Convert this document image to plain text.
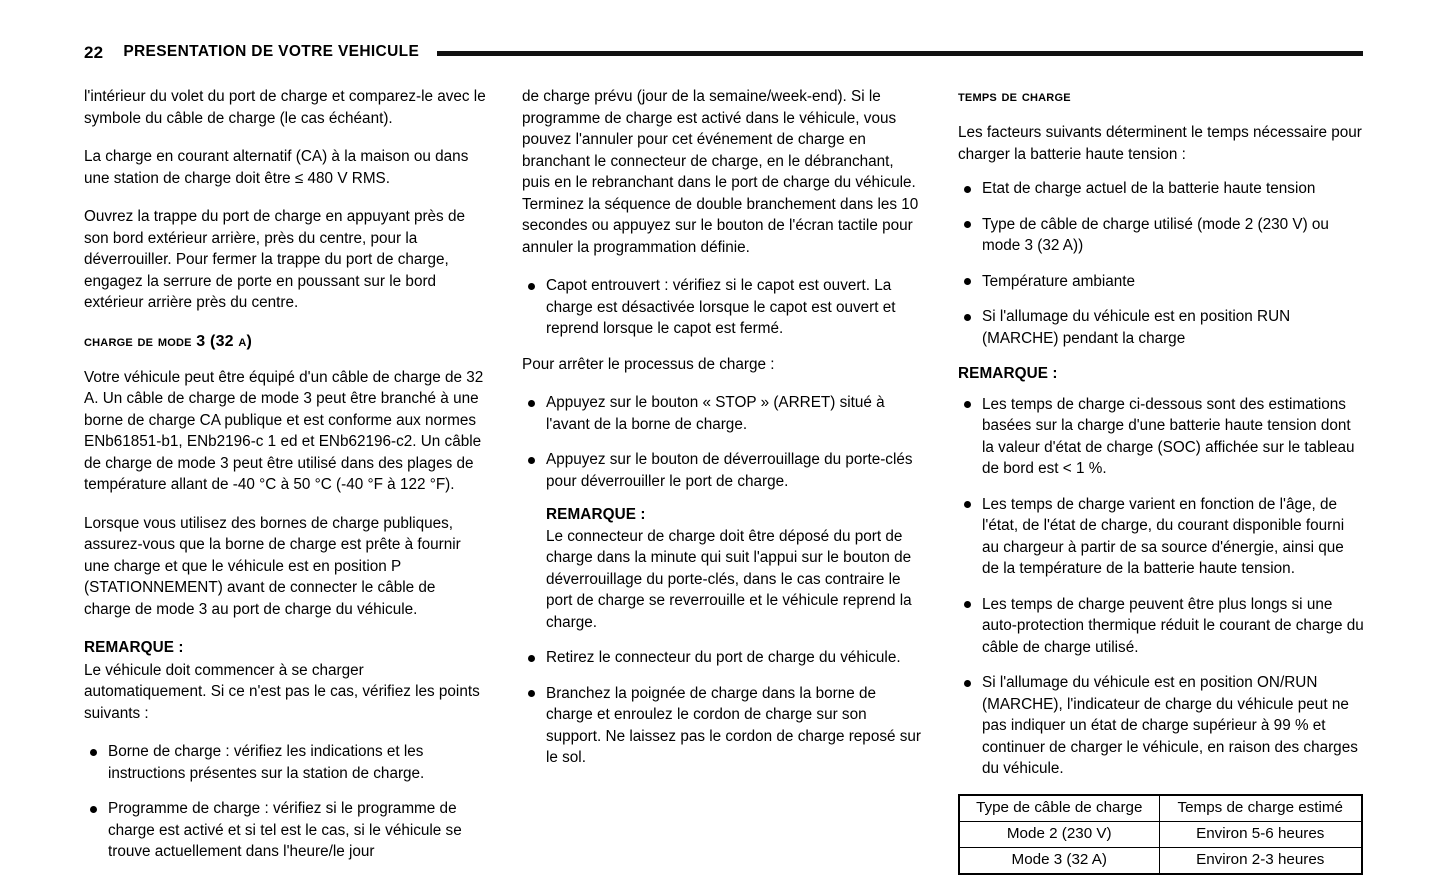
22 PRESENTATION DE VOTRE VEHICULE

l'intérieur du volet du port de charge et comparez-le avec le symbole du câble de charge (le cas échéant).

La charge en courant alternatif (CA) à la maison ou dans une station de charge doit être ≤ 480 V RMS.

Ouvrez la trappe du port de charge en appuyant près de son bord extérieur arrière, près du centre, pour la déverrouiller. Pour fermer la trappe du port de charge, engagez la serrure de porte en poussant sur le bord extérieur arrière près du centre.

charge de mode 3 (32 a)

Votre véhicule peut être équipé d'un câble de charge de 32 A. Un câble de charge de mode 3 peut être branché à une borne de charge CA publique et est conforme aux normes ENb61851-b1, ENb2196-c 1 ed et ENb62196-c2. Un câble de charge de mode 3 peut être utilisé dans des plages de température allant de -40 °C à 50 °C (-40 °F à 122 °F).

Lorsque vous utilisez des bornes de charge publiques, assurez-vous que la borne de charge est prête à fournir une charge et que le véhicule est en position P (STATIONNEMENT) avant de connecter le câble de charge de mode 3 au port de charge du véhicule.

REMARQUE :

Le véhicule doit commencer à se charger automatiquement. Si ce n'est pas le cas, vérifiez les points suivants :

Borne de charge : vérifiez les indications et les instructions présentes sur la station de charge.
Programme de charge : vérifiez si le programme de charge est activé et si tel est le cas, si le véhicule se trouve actuellement dans l'heure/le jour

de charge prévu (jour de la semaine/week-end). Si le programme de charge est activé dans le véhicule, vous pouvez l'annuler pour cet événement de charge en branchant le connecteur de charge, en le débranchant, puis en le rebranchant dans le port de charge du véhicule. Terminez la séquence de double branchement dans les 10 secondes ou appuyez sur le bouton de l'écran tactile pour annuler la programmation définie.

Capot entrouvert : vérifiez si le capot est ouvert. La charge est désactivée lorsque le capot est ouvert et reprend lorsque le capot est fermé.

Pour arrêter le processus de charge :

Appuyez sur le bouton « STOP » (ARRET) situé à l'avant de la borne de charge.
Appuyez sur le bouton de déverrouillage du porte-clés pour déverrouiller le port de charge.
REMARQUE :

Le connecteur de charge doit être déposé du port de charge dans la minute qui suit l'appui sur le bouton de déverrouillage du porte-clés, dans le cas contraire le port de charge se reverrouille et le véhicule reprend la charge.

Retirez le connecteur du port de charge du véhicule.
Branchez la poignée de charge dans la borne de charge et enroulez le cordon de charge sur son support. Ne laissez pas le cordon de charge reposé sur le sol.
temps de charge

Les facteurs suivants déterminent le temps nécessaire pour charger la batterie haute tension :

Etat de charge actuel de la batterie haute tension
Type de câble de charge utilisé (mode 2 (230 V) ou mode 3 (32 A))
Température ambiante
Si l'allumage du véhicule est en position RUN (MARCHE) pendant la charge
REMARQUE :
Les temps de charge ci-dessous sont des estimations basées sur la charge d'une batterie haute tension dont la valeur d'état de charge (SOC) affichée sur le tableau de bord est < 1 %.
Les temps de charge varient en fonction de l'âge, de l'état, de l'état de charge, du courant disponible fourni au chargeur à partir de sa source d'énergie, ainsi que de la température de la batterie haute tension.
Les temps de charge peuvent être plus longs si une auto-protection thermique réduit le courant de charge du câble de charge utilisé.
Si l'allumage du véhicule est en position ON/RUN (MARCHE), l'indicateur de charge du véhicule peut ne pas indiquer un état de charge supérieur à 99 % et continuer de charger le véhicule, en raison des charges du véhicule.
Type de câble de charge	Temps de charge estimé
Mode 2 (230 V)	Environ 5-6 heures
Mode 3 (32 A)	Environ 2-3 heures
